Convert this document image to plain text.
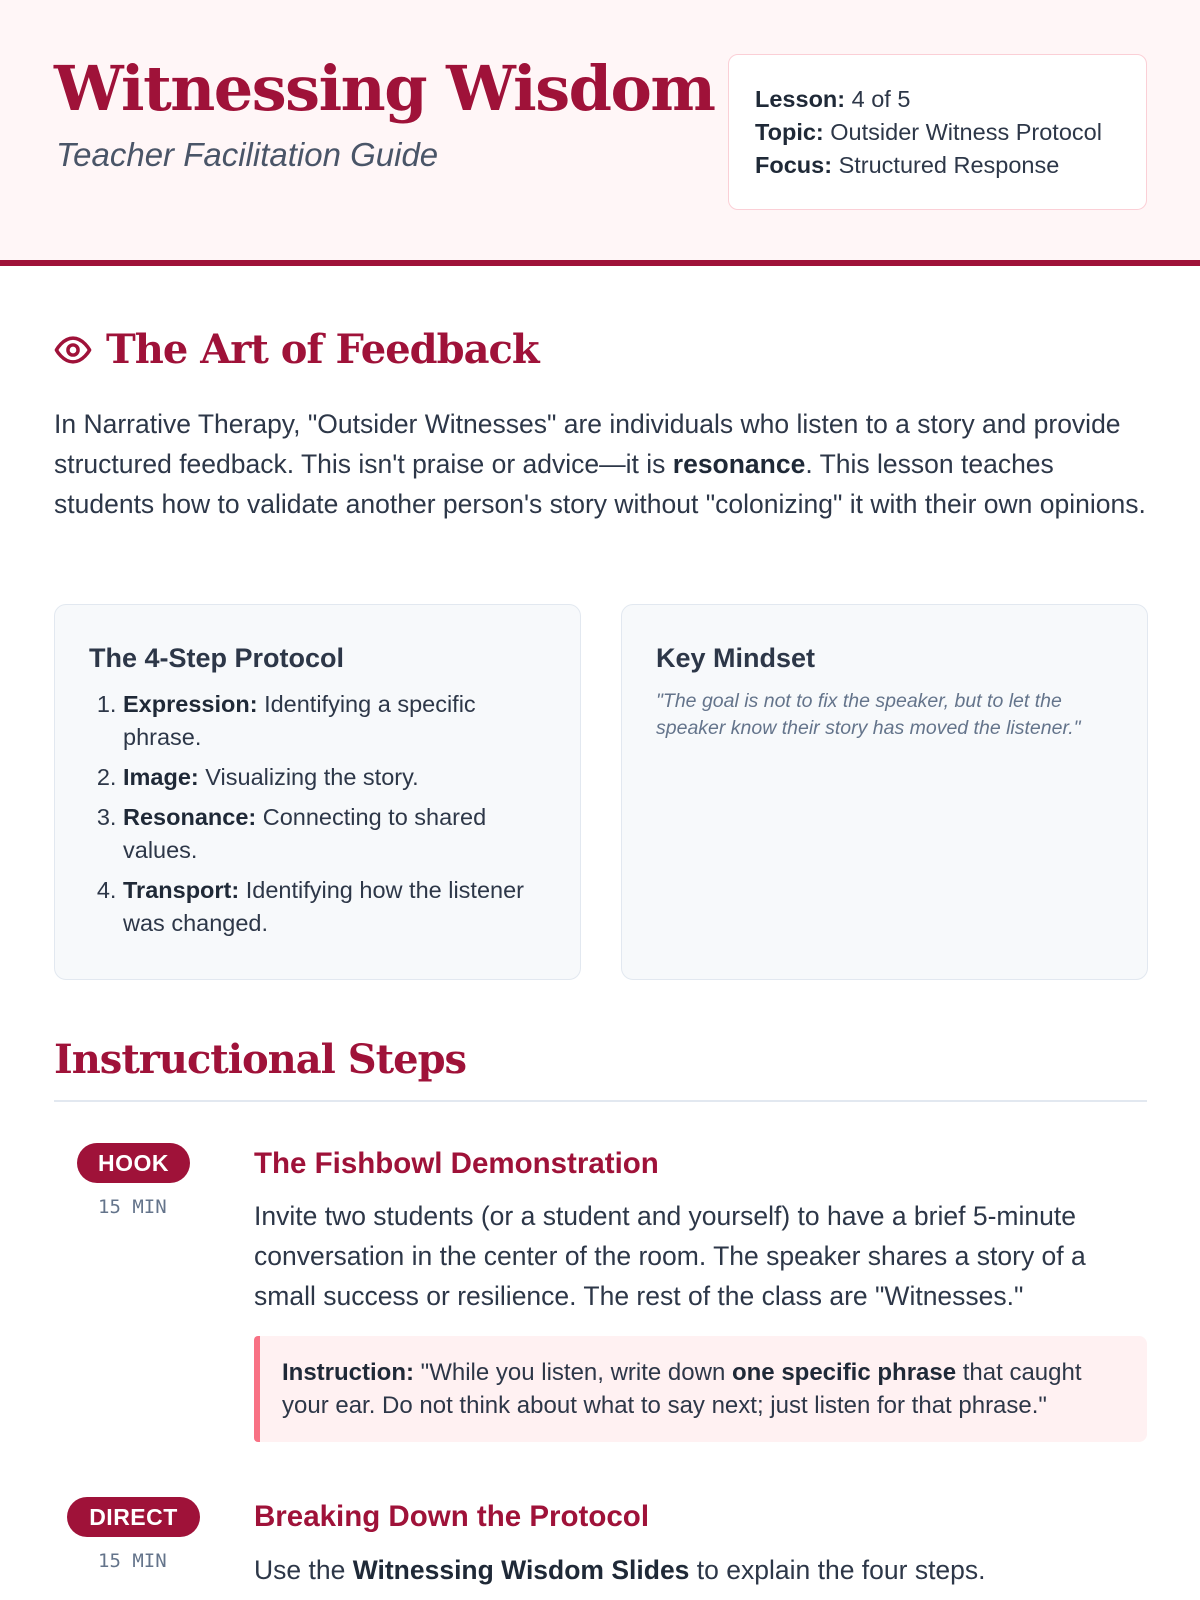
Witnessing Wisdom
Teacher Facilitation Guide
Lesson: 4 of 5
Topic: Outsider Witness Protocol
Focus: Structured Response
The Art of Feedback

In Narrative Therapy, "Outsider Witnesses" are individuals who listen to a story and provide structured feedback. This isn't praise or advice—it is resonance. This lesson teaches students how to validate another person's story without "colonizing" it with their own opinions.

The 4-Step Protocol
1. Expression: Identifying a specific phrase.
2. Image: Visualizing the story.
3. Resonance: Connecting to shared values.
4. Transport: Identifying how the listener was changed.
Key Mindset

"The goal is not to fix the speaker, but to let the speaker know their story has moved the listener."

Instructional Steps
HOOK
15 MIN
The Fishbowl Demonstration

Invite two students (or a student and yourself) to have a brief 5-minute conversation in the center of the room. The speaker shares a story of a small success or resilience. The rest of the class are "Witnesses."

Instruction: "While you listen, write down one specific phrase that caught your ear. Do not think about what to say next; just listen for that phrase."
DIRECT
15 MIN
Breaking Down the Protocol

Use the Witnessing Wisdom Slides to explain the four steps.
